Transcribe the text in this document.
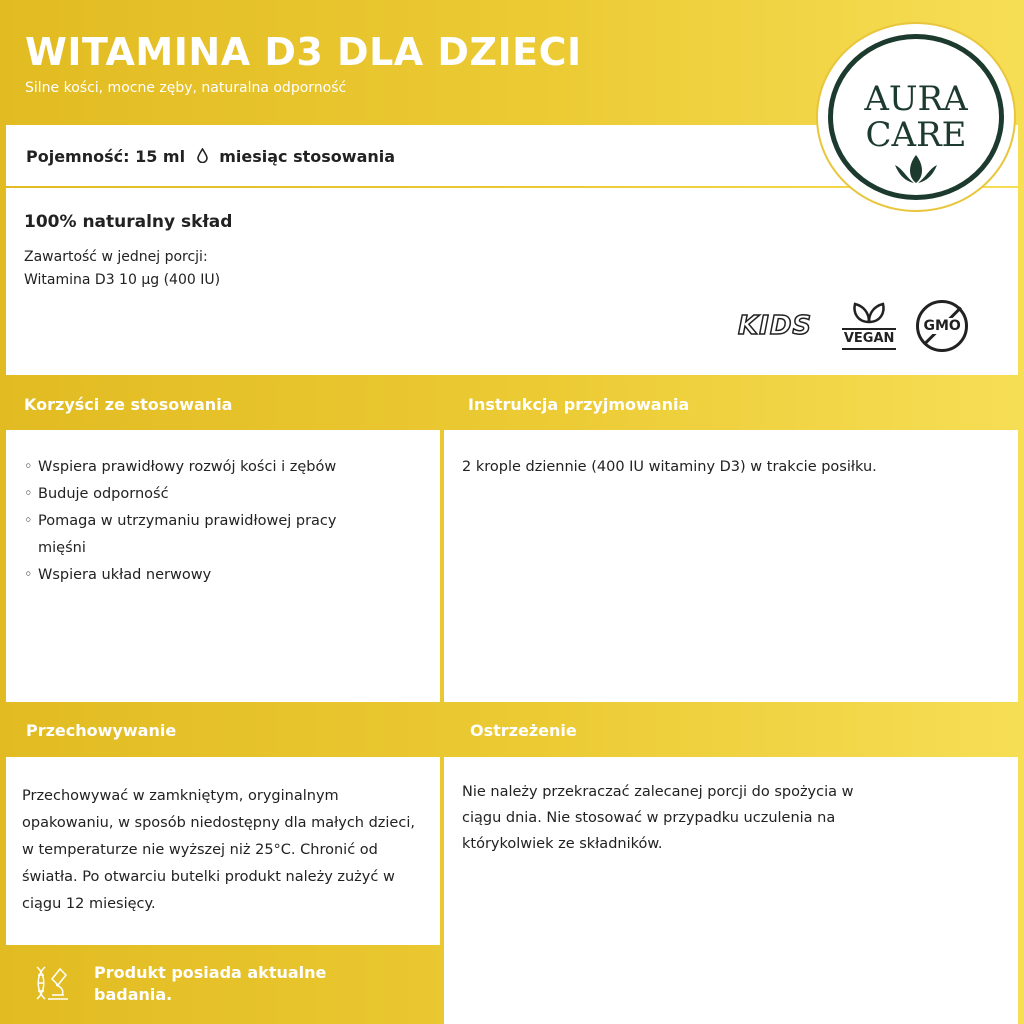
WITAMINA D3 DLA DZIECI
Silne kości, mocne zęby, naturalna odporność
Pojemność: 15 ml miesiąc stosowania
100% naturalny skład

Zawartość w jednej porcji:

Witamina D3 10 µg (400 IU)

KIDS VEGAN
GMO
AURA
CARE
Korzyści ze stosowania	Instrukcja przyjmowania
◦ Wspiera prawidłowy rozwój kości i zębów
◦ Buduje odporność
◦ Pomaga w utrzymaniu prawidłowej pracy mięśni
◦ Wspiera układ nerwowy
2 krople dziennie (400 IU witaminy D3) w trakcie posiłku.
Przechowywanie	Ostrzeżenie
Przechowywać w zamkniętym, oryginalnym opakowaniu, w sposób niedostępny dla małych dzieci, w temperaturze nie wyższej niż 25°C. Chronić od światła. Po otwarciu butelki produkt należy zużyć w ciągu 12 miesięcy.
Nie należy przekraczać zalecanej porcji do spożycia w ciągu dnia. Nie stosować w przypadku uczulenia na którykolwiek ze składników.
Produkt posiada aktualne badania.
